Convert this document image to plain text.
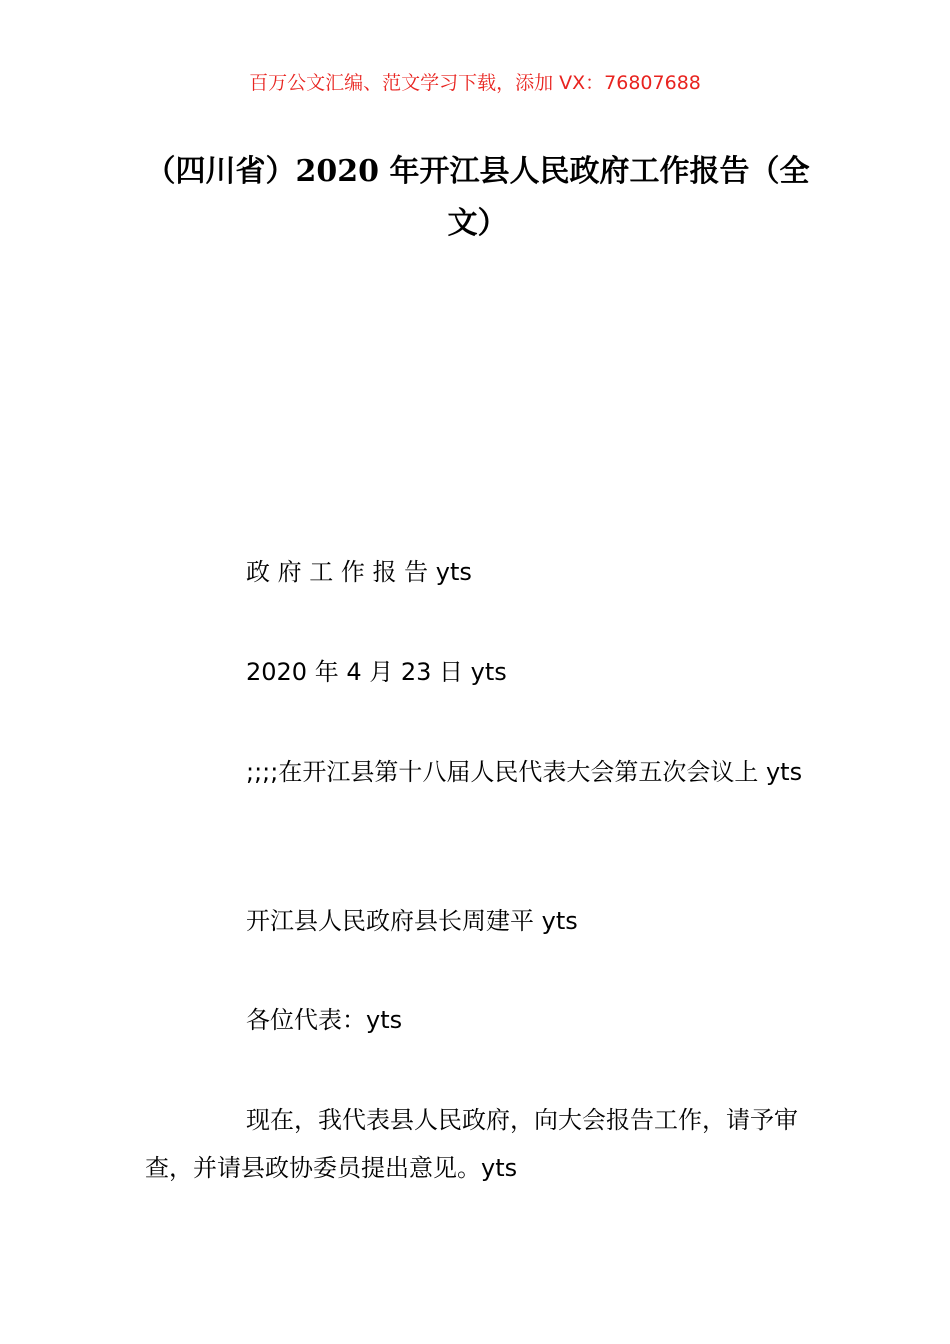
百万公文汇编、范文学习下载，添加 VX：76807688
（四川省）2020 年开江县人民政府工作报告（全文）

政 府 工 作 报 告 yts

2020 年 4 月 23 日 yts

;;;;在开江县第十八届人民代表大会第五次会议上 yts

开江县人民政府县长周建平 yts

各位代表：yts

现在，我代表县人民政府，向大会报告工作，请予审查，并请县政协委员提出意见。yts
